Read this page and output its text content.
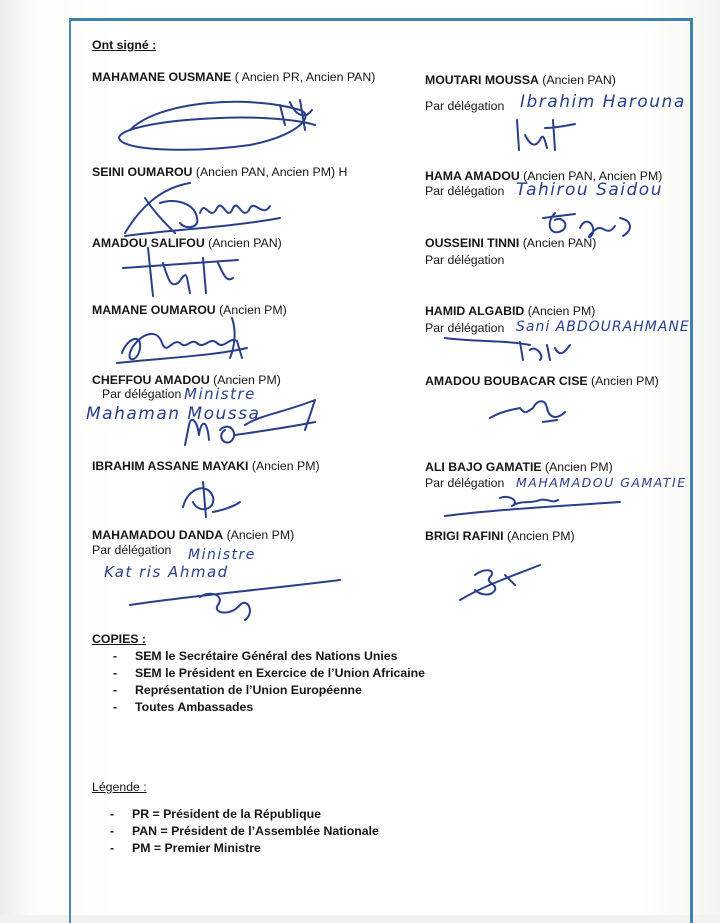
Ont signé :
MAHAMANE OUSMANE ( Ancien PR, Ancien PAN)
SEINI OUMAROU (Ancien PAN, Ancien PM) H
AMADOU SALIFOU (Ancien PAN)
MAMANE OUMAROU (Ancien PM)
CHEFFOU AMADOU (Ancien PM)
Par délégation Ministre
Mahaman Moussa
IBRAHIM ASSANE MAYAKI (Ancien PM)
MAHAMADOU DANDA (Ancien PM)
Par délégation Ministre
Kat ris Ahmad
MOUTARI MOUSSA (Ancien PAN)
Par délégation Ibrahim Harouna
HAMA AMADOU (Ancien PAN, Ancien PM)
Par délégation Tahirou Saidou
OUSSEINI TINNI (Ancien PAN)
Par délégation
HAMID ALGABID (Ancien PM)
Par délégation Sani ABDOURAHMANE
AMADOU BOUBACAR CISE (Ancien PM)
ALI BAJO GAMATIE (Ancien PM)
Par délégation MAHAMADOU GAMATIE
BRIGI RAFINI (Ancien PM)
COPIES :
- SEM le Secrétaire Général des Nations Unies
- SEM le Président en Exercice de l’Union Africaine
- Représentation de l’Union Européenne
- Toutes Ambassades
Légende :
- PR = Président de la République
- PAN = Président de l’Assemblée Nationale
- PM = Premier Ministre
